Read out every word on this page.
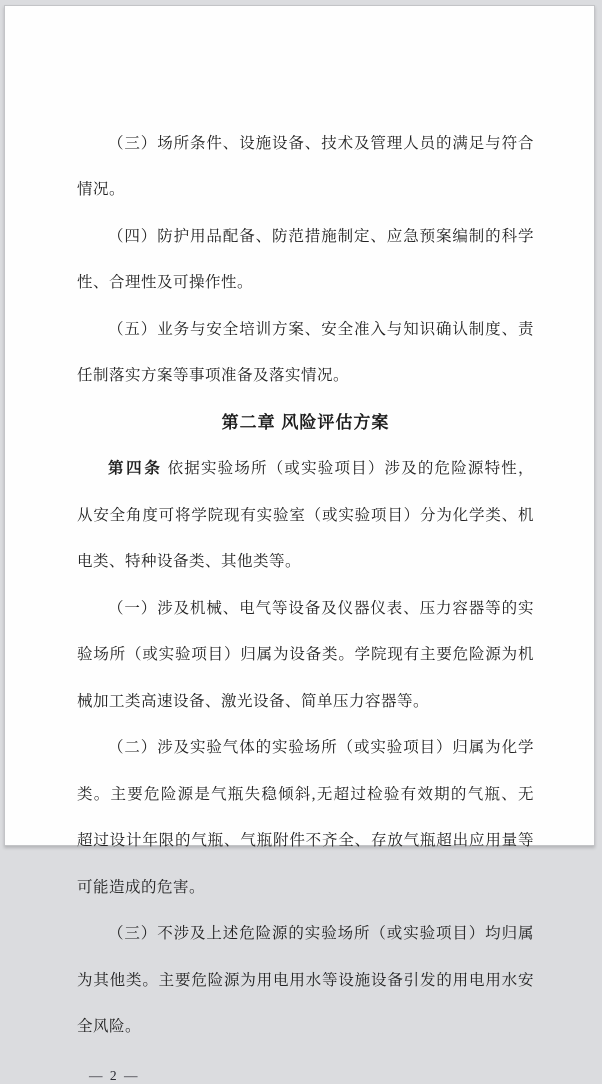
（三）场所条件、设施设备、技术及管理人员的满足与符合

情况。

（四）防护用品配备、防范措施制定、应急预案编制的科学

性、合理性及可操作性。

（五）业务与安全培训方案、安全准入与知识确认制度、责

任制落实方案等事项准备及落实情况。

第二章 风险评估方案

第四条 依据实验场所（或实验项目）涉及的危险源特性，

从安全角度可将学院现有实验室（或实验项目）分为化学类、机

电类、特种设备类、其他类等。

（一）涉及机械、电气等设备及仪器仪表、压力容器等的实

验场所（或实验项目）归属为设备类。学院现有主要危险源为机

械加工类高速设备、激光设备、简单压力容器等。

（二）涉及实验气体的实验场所（或实验项目）归属为化学

类。主要危险源是气瓶失稳倾斜,无超过检验有效期的气瓶、无

超过设计年限的气瓶、气瓶附件不齐全、存放气瓶超出应用量等

可能造成的危害。

（三）不涉及上述危险源的实验场所（或实验项目）均归属

为其他类。主要危险源为用电用水等设施设备引发的用电用水安

全风险。

— 2 —
